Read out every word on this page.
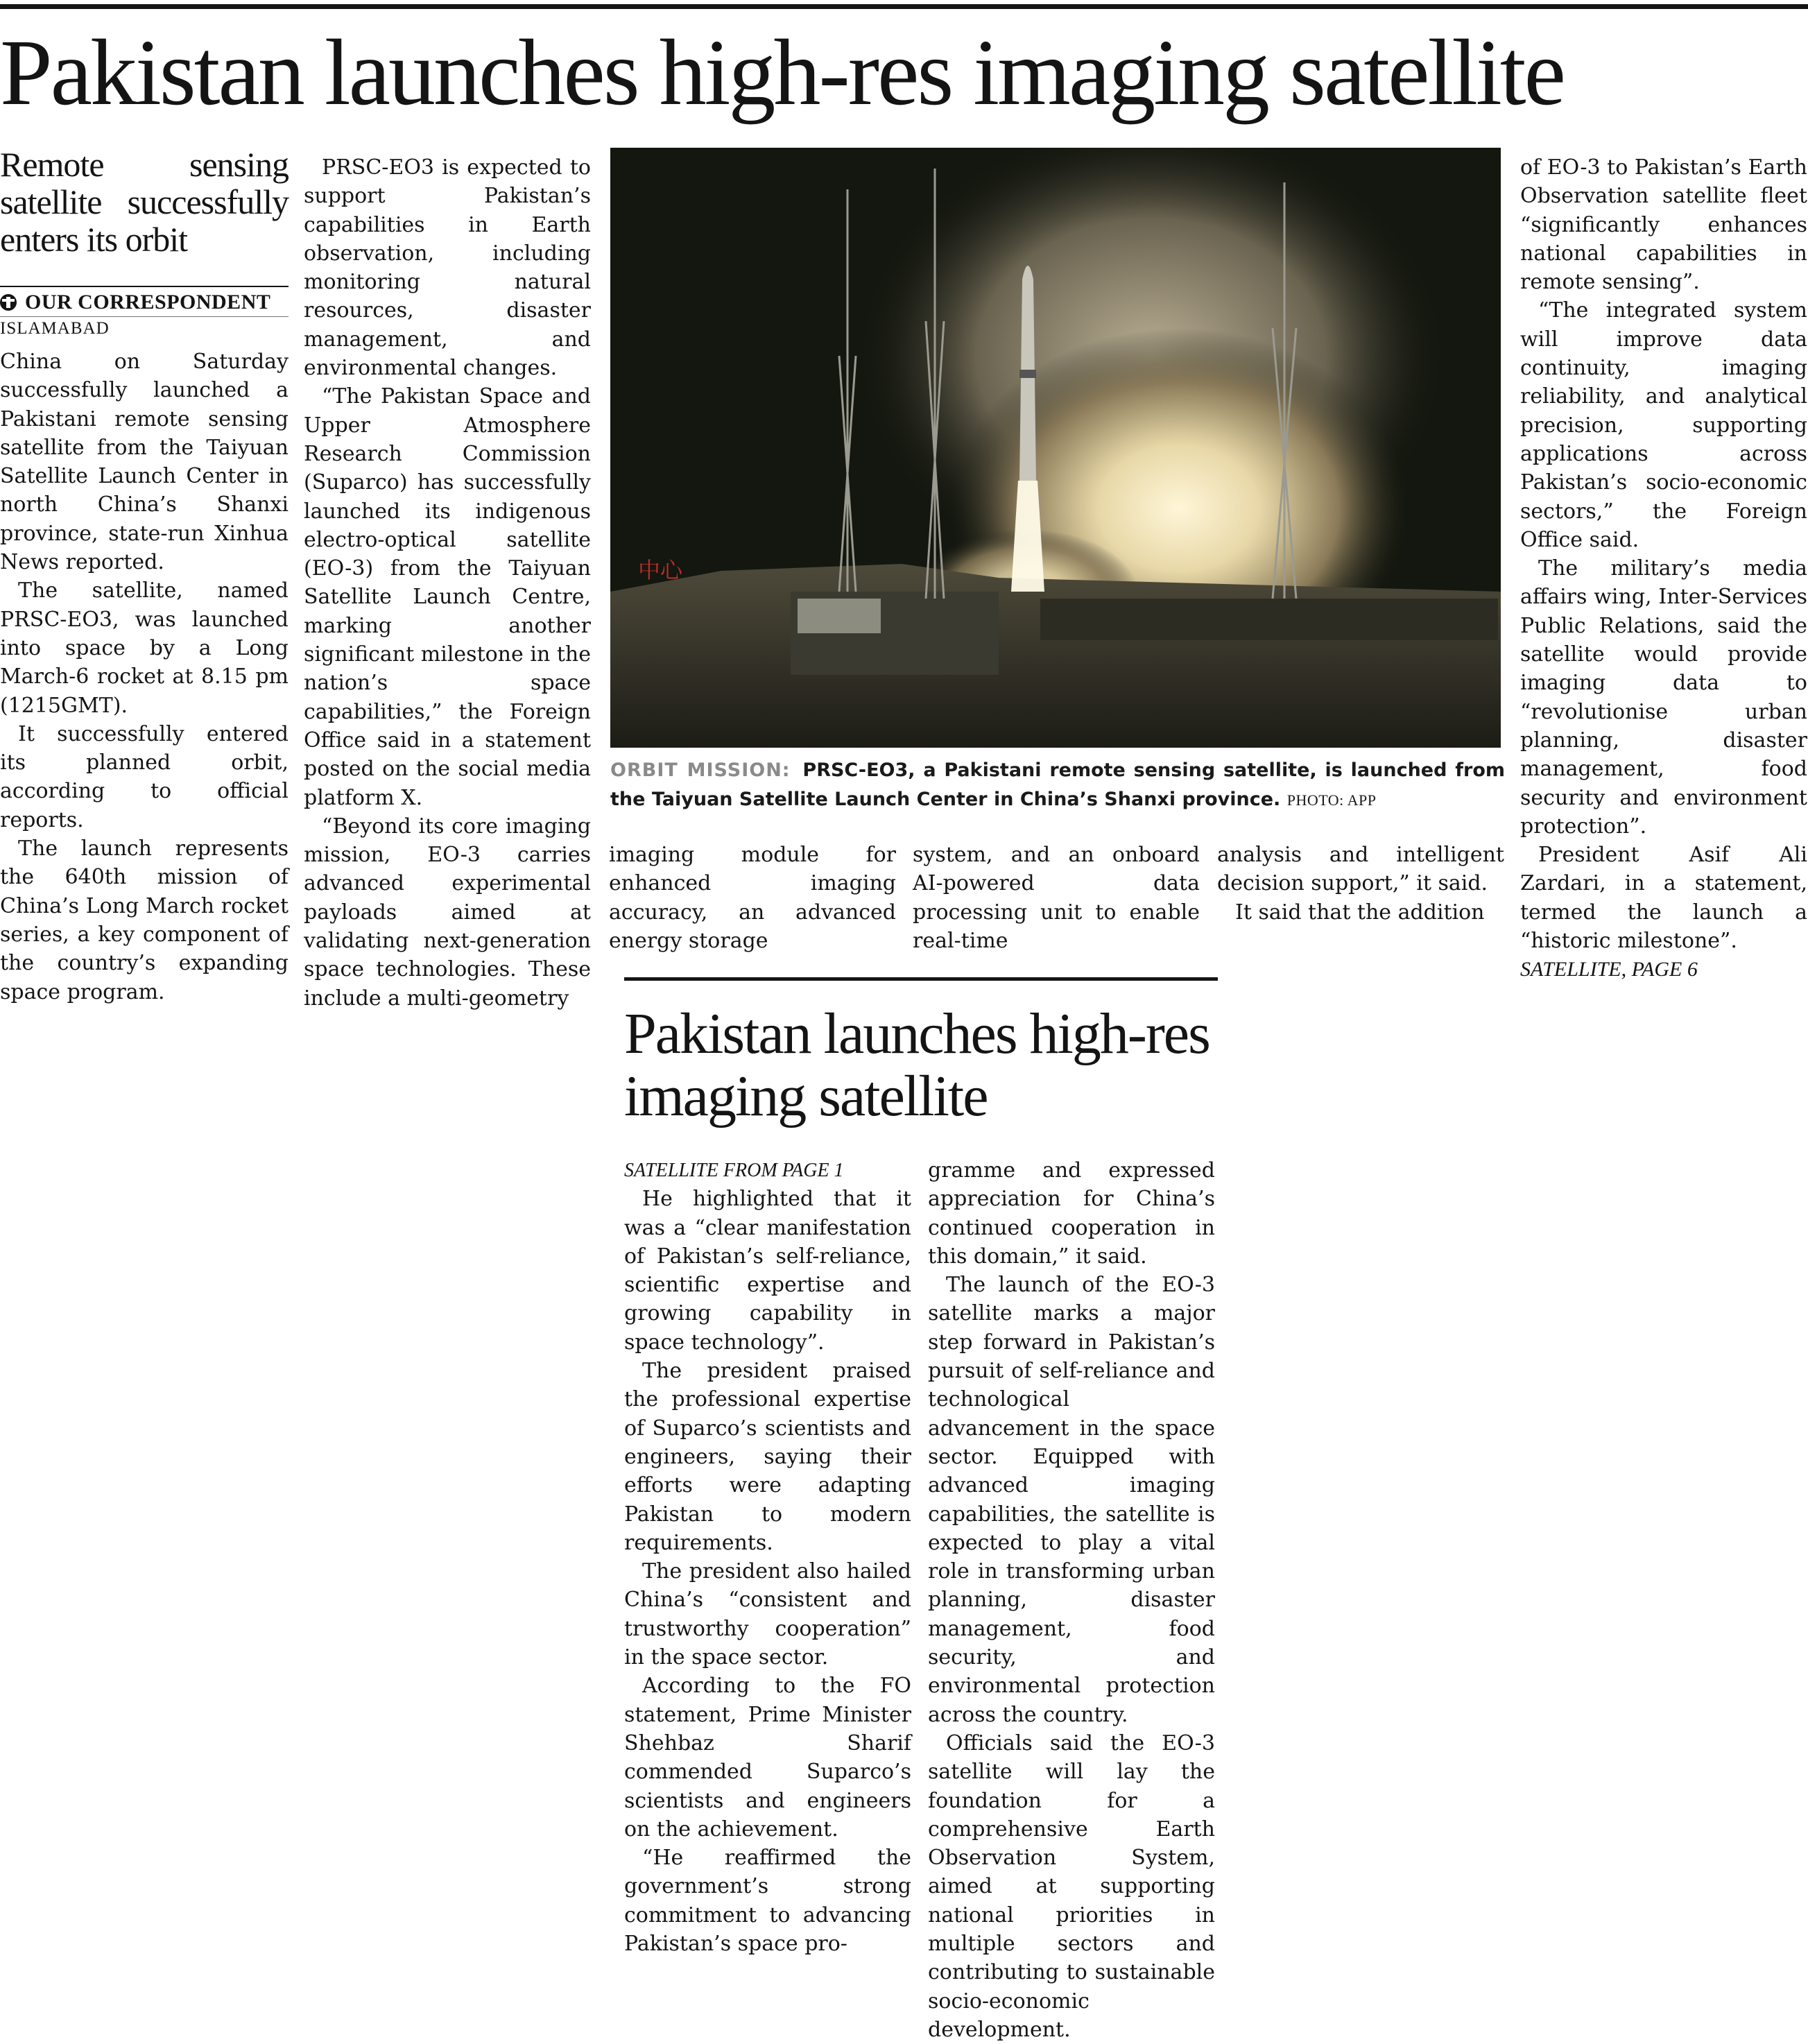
Pakistan launches high-res imaging satellite
Remote sensing satellite successfully enters its orbit
OUR CORRESPONDENT
ISLAMABAD

China on Saturday successfully launched a Pakistani remote sensing satellite from the Taiyuan Satellite Launch Center in north China’s Shanxi province, state-run Xinhua News reported.

The satellite, named PRSC-EO3, was launched into space by a Long March-6 rocket at 8.15 pm (1215GMT).

It successfully entered its planned orbit, according to official reports.

The launch represents the 640th mission of China’s Long March rocket series, a key component of the country’s expanding space program.

PRSC-EO3 is expected to support Pakistan’s capabilities in Earth observation, including monitoring natural resources, disaster management, and environmental changes.

“The Pakistan Space and Upper Atmosphere Research Commission (Suparco) has successfully launched its indigenous electro-optical satellite (EO-3) from the Taiyuan Satellite Launch Centre, marking another significant milestone in the nation’s space capabilities,” the Foreign Office said in a statement posted on the social media platform X.

“Beyond its core imaging mission, EO-3 carries advanced experimental payloads aimed at validating next-generation space technologies. These include a multi-geometry

中心
ORBIT MISSION: PRSC-EO3, a Pakistani remote sensing satellite, is launched from the Taiyuan Satellite Launch Center in China’s Shanxi province. PHOTO: APP

imaging module for enhanced imaging accuracy, an advanced energy storage

system, and an onboard AI-powered data processing unit to enable real-time

analysis and intelligent decision support,” it said.

It said that the addition

of EO-3 to Pakistan’s Earth Observation satellite fleet “significantly enhances national capabilities in remote sensing”.

“The integrated system will improve data continuity, imaging reliability, and analytical precision, supporting applications across Pakistan’s socio-economic sectors,” the Foreign Office said.

The military’s media affairs wing, Inter-Services Public Relations, said the satellite would provide imaging data to “revolutionise urban planning, disaster management, food security and environment protection”.

President Asif Ali Zardari, in a statement, termed the launch a “historic milestone”.

SATELLITE, PAGE 6

Pakistan launches high-res imaging satellite

SATELLITE FROM PAGE 1

He highlighted that it was a “clear manifestation of Pakistan’s self-reliance, scientific expertise and growing capability in space technology”.

The president praised the professional expertise of Suparco’s scientists and engineers, saying their efforts were adapting Pakistan to modern requirements.

The president also hailed China’s “consistent and trustworthy cooperation” in the space sector.

According to the FO statement, Prime Minister Shehbaz Sharif commended Suparco’s scientists and engineers on the achievement.

“He reaffirmed the government’s strong commitment to advancing Pakistan’s space pro-

gramme and expressed appreciation for China’s continued cooperation in this domain,” it said.

The launch of the EO-3 satellite marks a major step forward in Pakistan’s pursuit of self-reliance and technological advancement in the space sector. Equipped with advanced imaging capabilities, the satellite is expected to play a vital role in transforming urban planning, disaster management, food security, and environmental protection across the country.

Officials said the EO-3 satellite will lay the foundation for a comprehensive Earth Observation System, aimed at supporting national priorities in multiple sectors and contributing to sustainable socio-economic development.
